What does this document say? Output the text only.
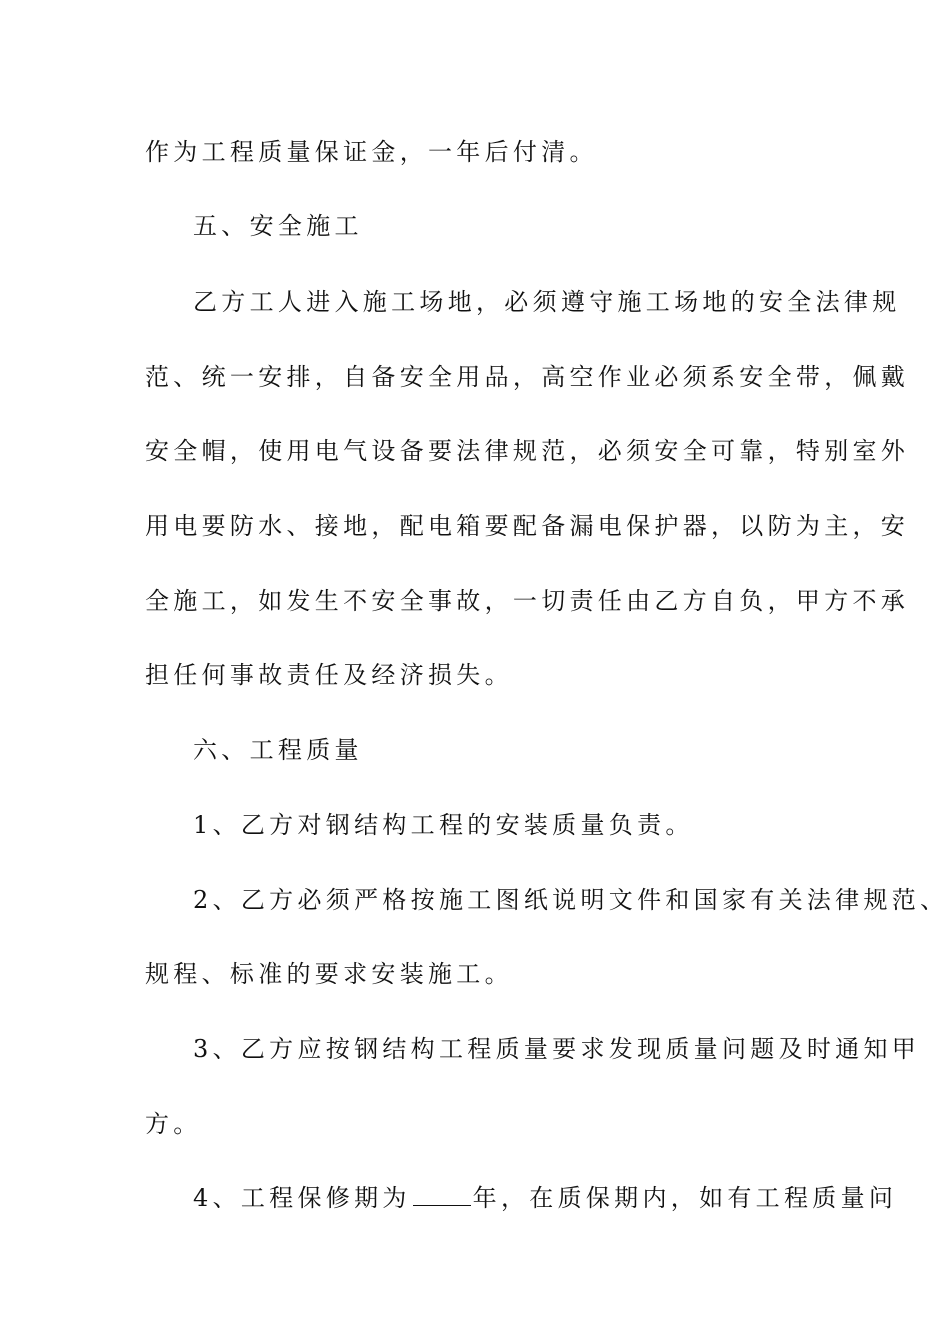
作为工程质量保证金，一年后付清。
五、安全施工
乙方工人进入施工场地，必须遵守施工场地的安全法律规
范、统一安排，自备安全用品，高空作业必须系安全带，佩戴
安全帽，使用电气设备要法律规范，必须安全可靠，特别室外
用电要防水、接地，配电箱要配备漏电保护器，以防为主，安
全施工，如发生不安全事故，一切责任由乙方自负，甲方不承
担任何事故责任及经济损失。
六、工程质量
1、乙方对钢结构工程的安装质量负责。
2、乙方必须严格按施工图纸说明文件和国家有关法律规范、
规程、标准的要求安装施工。
3、乙方应按钢结构工程质量要求发现质量问题及时通知甲
方。
4、工程保修期为	年，在质保期内，如有工程质量问
